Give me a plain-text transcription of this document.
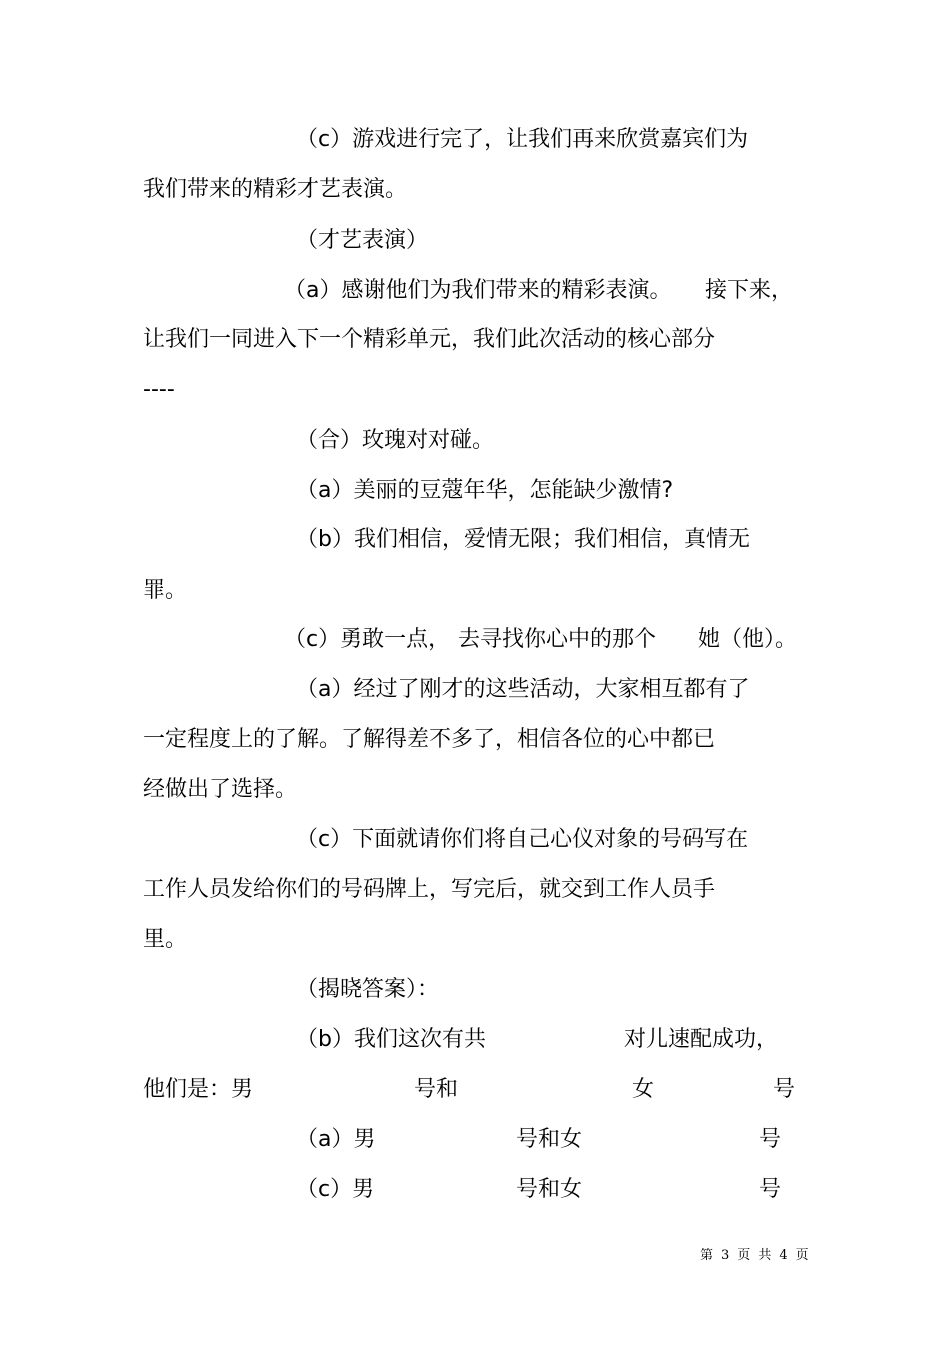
（c）游戏进行完了，让我们再来欣赏嘉宾们为
我们带来的精彩才艺表演。
（才艺表演）
（a）感谢他们为我们带来的精彩表演。 接下来，
让我们一同进入下一个精彩单元，我们此次活动的核心部分
----
（合）玫瑰对对碰。
（a）美丽的豆蔻年华，怎能缺少激情?
（b）我们相信，爱情无限；我们相信，真情无
罪。
（c）勇敢一点， 去寻找你心中的那个 她（他）。
（a）经过了刚才的这些活动，大家相互都有了
一定程度上的了解。了解得差不多了，相信各位的心中都已
经做出了选择。
（c）下面就请你们将自己心仪对象的号码写在
工作人员发给你们的号码牌上，写完后，就交到工作人员手
里。
（揭晓答案）：
（b）我们这次有共	对儿速配成功，
他们是：男	号和	女	号
（a）男	号和女	号
（c）男	号和女	号
第 3 页 共 4 页
